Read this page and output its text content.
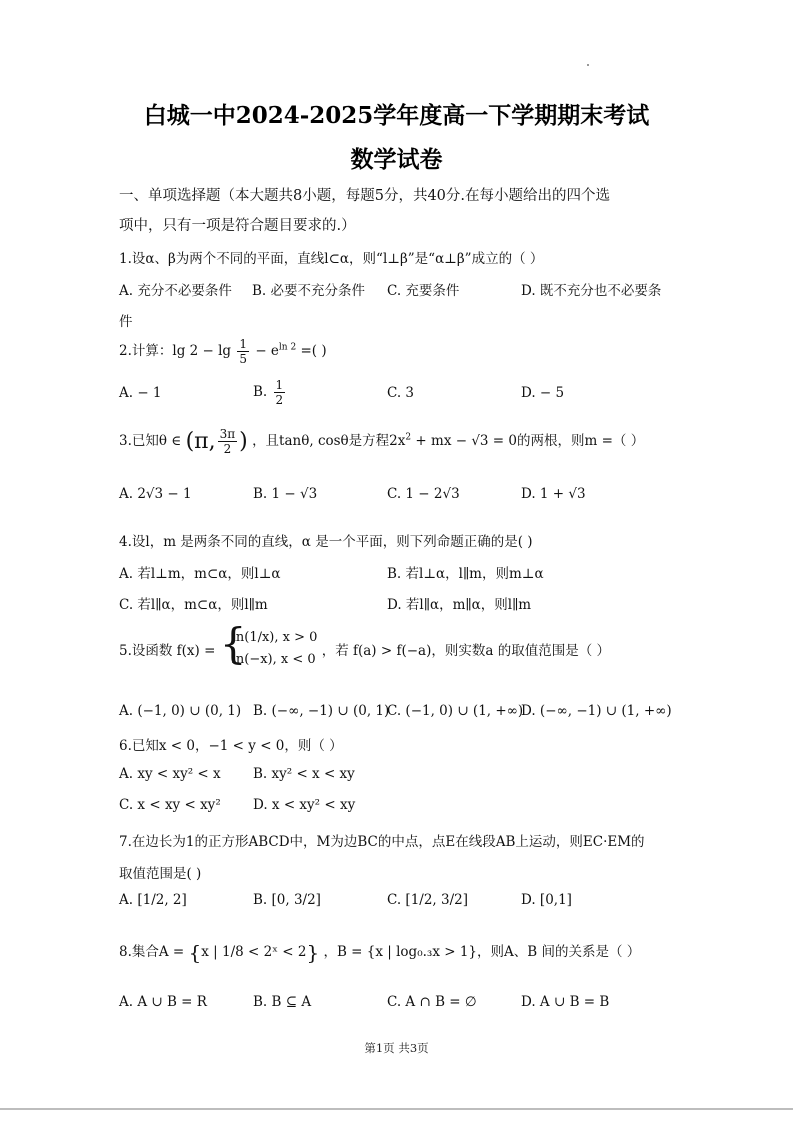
白城一中2024-2025学年度高一下学期期末考试
数学试卷
一、单项选择题（本大题共8小题，每题5分，共40分.在每小题给出的四个选
项中，只有一项是符合题目要求的.）
1.设α、β为两个不同的平面，直线l⊂α，则“l⊥β”是“α⊥β”成立的（ ）
A. 充分不必要条件 B. 必要不充分条件 C. 充要条件	D. 既不充分也不必要条
件
2.计算：$\lg 2 - \lg \frac{1}{5} - e^{ln 2}$ =( )
A. − 1	B. $\frac{1}{2}$	C. 3	D. − 5
3.已知θ ∈ (π, $\frac{3\pi}{2}$ ) ，且tanθ, cosθ是方程$2x^2$ + mx − √3 = 0的两根，则m =（ ）
A. 2√3 − 1	B. 1 − √3	C. 1 − 2√3	D. 1 + √3
4.设l，m 是两条不同的直线，α 是一个平面，则下列命题正确的是( )
A. 若l⊥m，m⊂α，则l⊥α	B. 若l⊥α，l∥m，则m⊥α
C. 若l∥α，m⊂α，则l∥m	D. 若l∥α，m∥α，则l∥m
5.设函数 f(x) = {
ln(1/x), x > 0
ln(−x), x < 0
，若 f(a) > f(−a)，则实数a 的取值范围是（ ）
A. (−1, 0) ∪ (0, 1) B. (−∞, −1) ∪ (0, 1)
C. (−1, 0) ∪ (1, +∞)
D. (−∞, −1) ∪ (1, +∞)
6.已知x < 0，−1 < y < 0，则（ ）
A. xy < xy² < x B. xy² < x < xy
C. x < xy < xy² D. x < xy² < xy
7.在边长为1的正方形ABCD中，M为边BC的中点，点E在线段AB上运动，则EC·EM的
取值范围是( )
A. [1/2, 2]	B. [0, 3/2]	C. [1/2, 3/2]	D. [0,1]
8.集合A = {x | 1/8 < 2ˣ < 2} ，B = {x | log₀.₃x > 1}，则A、B 间的关系是（ ）
A. A ∪ B = R	B. B ⊆ A	C. A ∩ B = ∅	D. A ∪ B = B
第1页 共3页
